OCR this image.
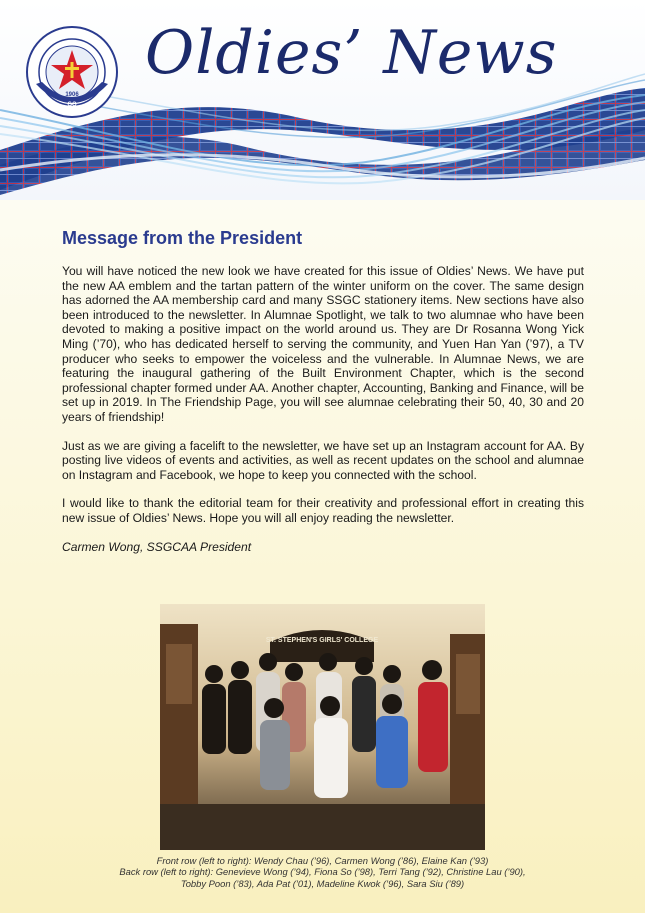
GO
1906
Oldies’ News
Message from the President

You will have noticed the new look we have created for this issue of Oldies’ News. We have put the new AA emblem and the tartan pattern of the winter uniform on the cover. The same design has adorned the AA membership card and many SSGC stationery items. New sections have also been introduced to the newsletter. In Alumnae Spotlight, we talk to two alumnae who have been devoted to making a positive impact on the world around us. They are Dr Rosanna Wong Yick Ming (’70), who has dedicated herself to serving the community, and Yuen Han Yan (’97), a TV producer who seeks to empower the voiceless and the vulnerable. In Alumnae News, we are featuring the inaugural gathering of the Built Environment Chapter, which is the second professional chapter formed under AA. Another chapter, Accounting, Banking and Finance, will be set up in 2019. In The Friendship Page, you will see alumnae celebrating their 50, 40, 30 and 20 years of friendship!

Just as we are giving a facelift to the newsletter, we have set up an Instagram account for AA. By posting live videos of events and activities, as well as recent updates on the school and alumnae on Instagram and Facebook, we hope to keep you connected with the school.

I would like to thank the editorial team for their creativity and professional effort in creating this new issue of Oldies’ News. Hope you will all enjoy reading the newsletter.

Carmen Wong, SSGCAA President

ST. STEPHEN'S GIRLS' COLLEGE
Front row (left to right): Wendy Chau (’96), Carmen Wong (’86), Elaine Kan (’93)
Back row (left to right): Genevieve Wong (’94), Fiona So (’98), Terri Tang (’92), Christine Lau (’90),
Tobby Poon (’83), Ada Pat (’01), Madeline Kwok (’96), Sara Siu (’89)
